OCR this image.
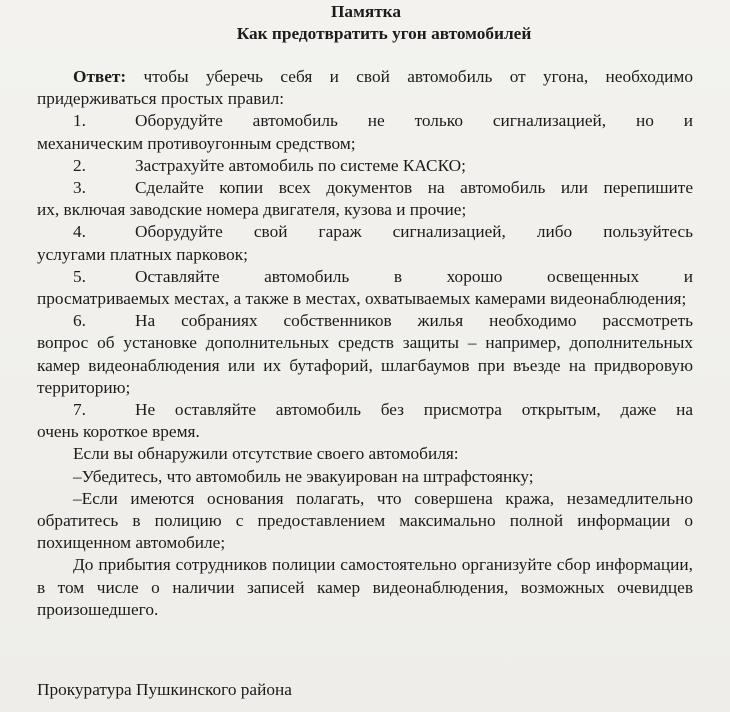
Памятка
Как предотвратить угон автомобилей

Ответ: чтобы уберечь себя и свой автомобиль от угона, необходимо придерживаться простых правил:

1.	Оборудуйте автомобиль не только сигнализацией, но и
механическим противоугонным средством;
2.	Застрахуйте автомобиль по системе КАСКО;
3.	Сделайте копии всех документов на автомобиль или перепишите
их, включая заводские номера двигателя, кузова и прочие;
4.	Оборудуйте свой гараж сигнализацией, либо пользуйтесь
услугами платных парковок;
5.	Оставляйте автомобиль в хорошо освещенных и
просматриваемых местах, а также в местах, охватываемых камерами видеонаблюдения;
6.	На собраниях собственников жилья необходимо рассмотреть
вопрос об установке дополнительных средств защиты – например, дополнительных камер видеонаблюдения или их бутафорий, шлагбаумов при въезде на придворовую территорию;
7.	Не оставляйте автомобиль без присмотра открытым, даже на
очень короткое время.

Если вы обнаружили отсутствие своего автомобиля:

–Убедитесь, что автомобиль не эвакуирован на штрафстоянку;

–Если имеются основания полагать, что совершена кража, незамедлительно обратитесь в полицию с предоставлением максимально полной информации о похищенном автомобиле;

До прибытия сотрудников полиции самостоятельно организуйте сбор информации, в том числе о наличии записей камер видеонаблюдения, возможных очевидцев произошедшего.

Прокуратура Пушкинского района
